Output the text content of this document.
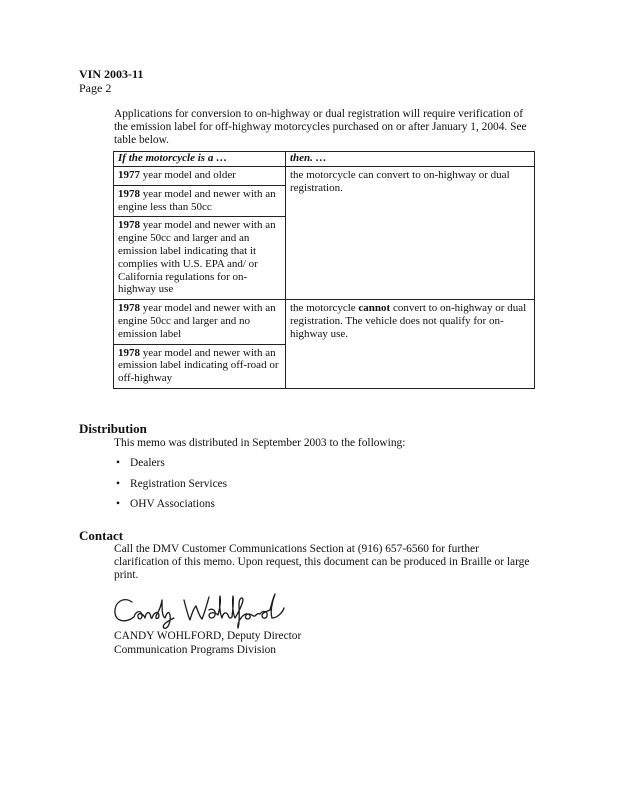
VIN 2003-11
Page 2
Applications for conversion to on-highway or dual registration will require verification of the emission label for off-highway motorcycles purchased on or after January 1, 2004. See table below.
If the motorcycle is a …	then. …
1977 year model and older	the motorcycle can convert to on-highway or dual registration.
1978 year model and newer with an engine less than 50cc	
1978 year model and newer with an engine 50cc and larger and an emission label indicating that it complies with U.S. EPA and/ or California regulations for on-highway use	
1978 year model and newer with an engine 50cc and larger and no emission label	the motorcycle cannot convert to on-highway or dual registration. The vehicle does not qualify for on-highway use.
1978 year model and newer with an emission label indicating off-road or off-highway	
Distribution
This memo was distributed in September 2003 to the following:
• Dealers
• Registration Services
• OHV Associations
Contact
Call the DMV Customer Communications Section at (916) 657-6560 for further clarification of this memo. Upon request, this document can be produced in Braille or large print.
CANDY WOHLFORD, Deputy Director
Communication Programs Division
